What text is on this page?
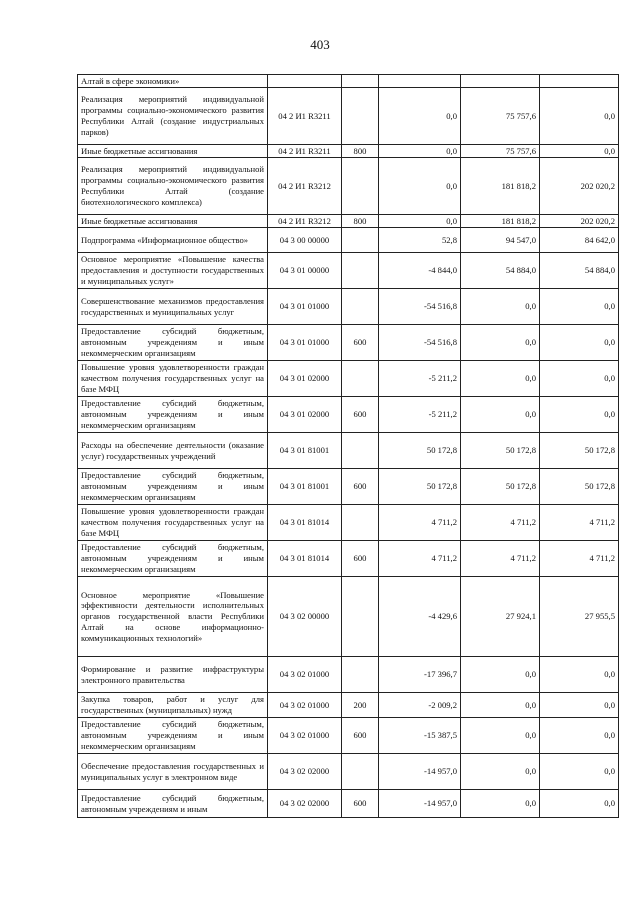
403
Алтай в сфере экономики»					
Реализация мероприятий индивидуальной программы социально-экономического развития Республики Алтай (создание индустриальных парков)	04 2 И1 R3211		0,0	75 757,6	0,0
Иные бюджетные ассигнования	04 2 И1 R3211	800	0,0	75 757,6	0,0
Реализация мероприятий индивидуальной программы социально-экономического развития Республики Алтай (создание биотехнологического комплекса)	04 2 И1 R3212		0,0	181 818,2	202 020,2
Иные бюджетные ассигнования	04 2 И1 R3212	800	0,0	181 818,2	202 020,2
Подпрограмма «Информационное общество»	04 3 00 00000		52,8	94 547,0	84 642,0
Основное мероприятие «Повышение качества предоставления и доступности государственных и муниципальных услуг»	04 3 01 00000		-4 844,0	54 884,0	54 884,0
Совершенствование механизмов предоставления государственных и муниципальных услуг	04 3 01 01000		-54 516,8	0,0	0,0
Предоставление субсидий бюджетным, автономным учреждениям и иным некоммерческим организациям	04 3 01 01000	600	-54 516,8	0,0	0,0
Повышение уровня удовлетворенности граждан качеством получения государственных услуг на базе МФЦ	04 3 01 02000		-5 211,2	0,0	0,0
Предоставление субсидий бюджетным, автономным учреждениям и иным некоммерческим организациям	04 3 01 02000	600	-5 211,2	0,0	0,0
Расходы на обеспечение деятельности (оказание услуг) государственных учреждений	04 3 01 81001		50 172,8	50 172,8	50 172,8
Предоставление субсидий бюджетным, автономным учреждениям и иным некоммерческим организациям	04 3 01 81001	600	50 172,8	50 172,8	50 172,8
Повышение уровня удовлетворенности граждан качеством получения государственных услуг на базе МФЦ	04 3 01 81014		4 711,2	4 711,2	4 711,2
Предоставление субсидий бюджетным, автономным учреждениям и иным некоммерческим организациям	04 3 01 81014	600	4 711,2	4 711,2	4 711,2
Основное мероприятие «Повышение эффективности деятельности исполнительных органов государственной власти Республики Алтай на основе информационно-коммуникационных технологий»	04 3 02 00000		-4 429,6	27 924,1	27 955,5
Формирование и развитие инфраструктуры электронного правительства	04 3 02 01000		-17 396,7	0,0	0,0
Закупка товаров, работ и услуг для государственных (муниципальных) нужд	04 3 02 01000	200	-2 009,2	0,0	0,0
Предоставление субсидий бюджетным, автономным учреждениям и иным некоммерческим организациям	04 3 02 01000	600	-15 387,5	0,0	0,0
Обеспечение предоставления государственных и муниципальных услуг в электронном виде	04 3 02 02000		-14 957,0	0,0	0,0
Предоставление субсидий бюджетным, автономным учреждениям и иным	04 3 02 02000	600	-14 957,0	0,0	0,0
